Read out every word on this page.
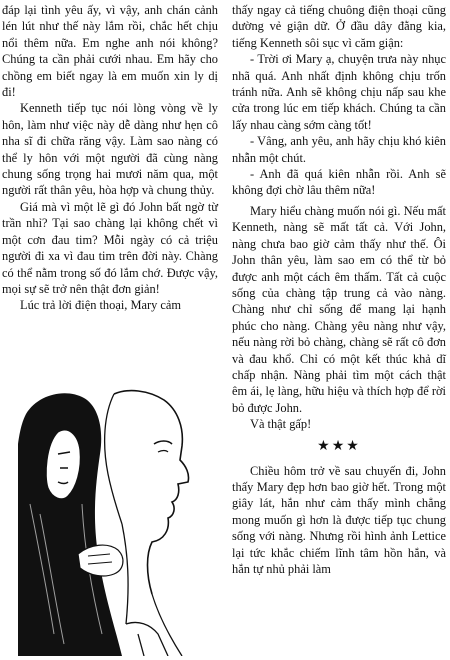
đáp lại tình yêu ấy, vì vậy, anh chán cảnh lén lút như thế này lắm rồi, chắc hết chịu nổi thêm nữa. Em nghe anh nói không? Chúng ta cần phải cưới nhau. Em hãy cho chồng em biết ngay là em muốn xin ly dị đi!

Kenneth tiếp tục nói lòng vòng về ly hôn, làm như việc này dễ dàng như hẹn cô nha sĩ đi chữa răng vậy. Làm sao nàng có thể ly hôn với một người đã cùng nàng chung sống trọng hai mươi năm qua, một người rất thân yêu, hòa hợp và chung thủy.

Giá mà vì một lẽ gì đó John bất ngờ từ trần nhỉ? Tại sao chàng lại không chết vì một cơn đau tim? Mỗi ngày có cả triệu người đi xa vì đau tim trên đời này. Chàng có thể nằm trong số đó lắm chớ. Được vậy, mọi sự sẽ trở nên thật đơn giản!

Lúc trả lời điện thoại, Mary cảm

thấy ngay cả tiếng chuông điện thoại cũng dường vẻ giận dữ. Ở đầu dây đằng kia, tiếng Kenneth sôi sục vì căm giận:

- Trời ơi Mary ạ, chuyện trưa này nhục nhã quá. Anh nhất định không chịu trốn tránh nữa. Anh sẽ không chịu nấp sau khe cửa trong lúc em tiếp khách. Chúng ta cần lấy nhau càng sớm càng tốt!

- Vâng, anh yêu, anh hãy chịu khó kiên nhẫn một chút.

- Anh đã quá kiên nhẫn rồi. Anh sẽ không đợi chờ lâu thêm nữa!

Mary hiểu chàng muốn nói gì. Nếu mất Kenneth, nàng sẽ mất tất cả. Với John, nàng chưa bao giờ cảm thấy như thế. Ôi John thân yêu, làm sao em có thể từ bỏ được anh một cách êm thấm. Tất cả cuộc sống của chàng tập trung cả vào nàng. Chàng như chỉ sống để mang lại hạnh phúc cho nàng. Chàng yêu nàng như vậy, nếu nàng rời bỏ chàng, chàng sẽ rất cô đơn và đau khổ. Chỉ có một kết thúc khả dĩ chấp nhận. Nàng phải tìm một cách thật êm ái, lẹ làng, hữu hiệu và thích hợp để rời bỏ được John.

Và thật gấp!

★★★

Chiều hôm trở về sau chuyến đi, John thấy Mary đẹp hơn bao giờ hết. Trong một giây lát, hắn như cảm thấy mình chẳng mong muốn gì hơn là được tiếp tục chung sống với nàng. Nhưng rồi hình ảnh Lettice lại tức khắc chiếm lĩnh tâm hồn hắn, và hắn tự nhủ phải làm
